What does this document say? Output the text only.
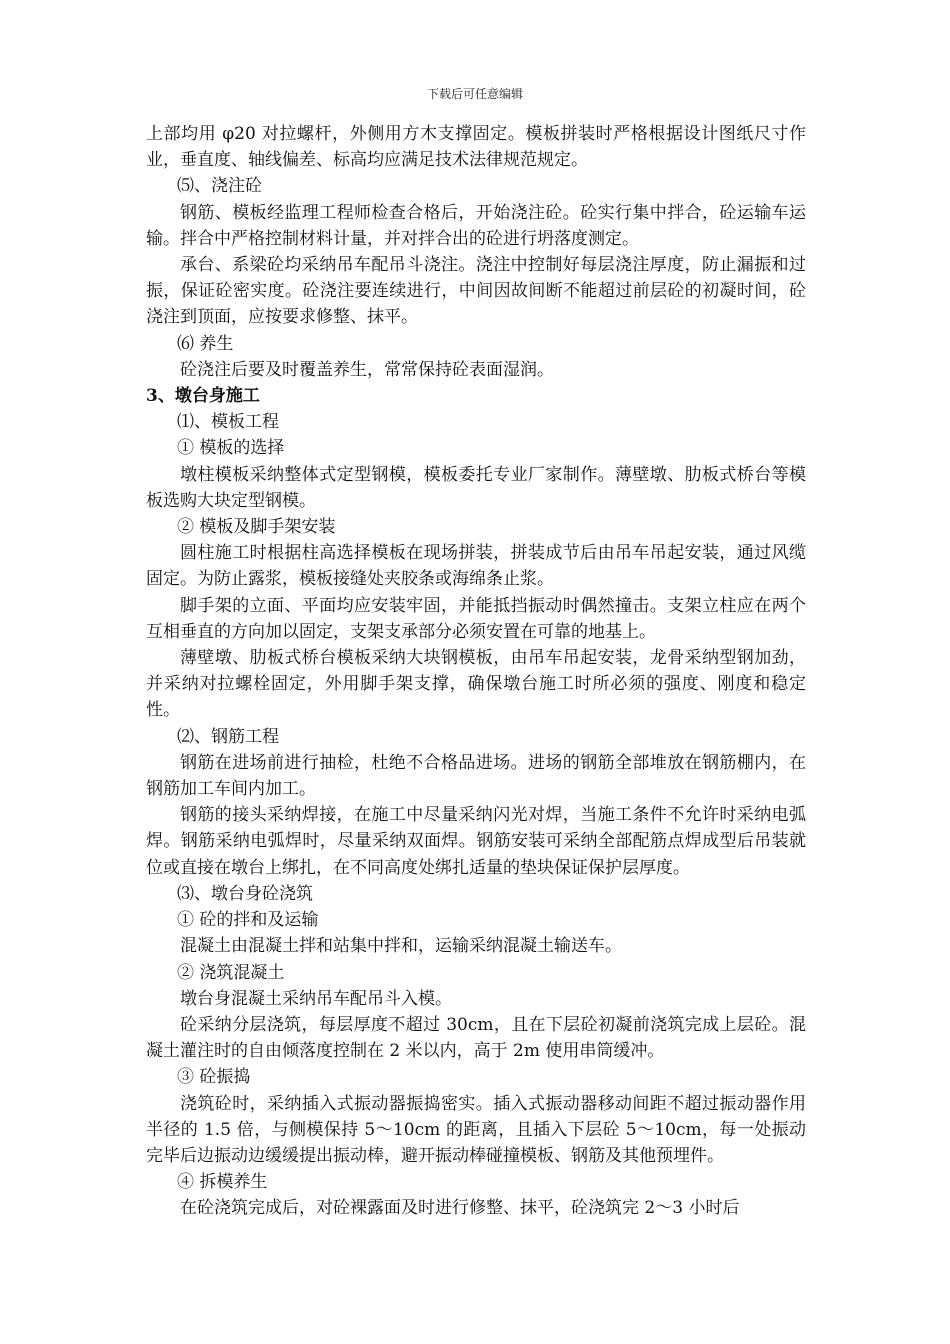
下载后可任意编辑

上部均用 φ20 对拉螺杆，外侧用方木支撑固定。模板拼装时严格根据设计图纸尺寸作业，垂直度、轴线偏差、标高均应满足技术法律规范规定。

⑸、浇注砼

钢筋、模板经监理工程师检查合格后，开始浇注砼。砼实行集中拌合，砼运输车运输。拌合中严格控制材料计量，并对拌合出的砼进行坍落度测定。

承台、系梁砼均采纳吊车配吊斗浇注。浇注中控制好每层浇注厚度，防止漏振和过振，保证砼密实度。砼浇注要连续进行，中间因故间断不能超过前层砼的初凝时间，砼浇注到顶面，应按要求修整、抹平。

⑹ 养生

砼浇注后要及时覆盖养生，常常保持砼表面湿润。

3、墩台身施工

⑴、模板工程

① 模板的选择

墩柱模板采纳整体式定型钢模，模板委托专业厂家制作。薄壁墩、肋板式桥台等模板选购大块定型钢模。

② 模板及脚手架安装

圆柱施工时根据柱高选择模板在现场拼装，拼装成节后由吊车吊起安装，通过风缆固定。为防止露浆，模板接缝处夹胶条或海绵条止浆。

脚手架的立面、平面均应安装牢固，并能抵挡振动时偶然撞击。支架立柱应在两个互相垂直的方向加以固定，支架支承部分必须安置在可靠的地基上。

薄壁墩、肋板式桥台模板采纳大块钢模板，由吊车吊起安装，龙骨采纳型钢加劲，并采纳对拉螺栓固定，外用脚手架支撑，确保墩台施工时所必须的强度、刚度和稳定性。

⑵、钢筋工程

钢筋在进场前进行抽检，杜绝不合格品进场。进场的钢筋全部堆放在钢筋棚内，在钢筋加工车间内加工。

钢筋的接头采纳焊接，在施工中尽量采纳闪光对焊，当施工条件不允许时采纳电弧焊。钢筋采纳电弧焊时，尽量采纳双面焊。钢筋安装可采纳全部配筋点焊成型后吊装就位或直接在墩台上绑扎，在不同高度处绑扎适量的垫块保证保护层厚度。

⑶、墩台身砼浇筑

① 砼的拌和及运输

混凝土由混凝土拌和站集中拌和，运输采纳混凝土输送车。

② 浇筑混凝土

墩台身混凝土采纳吊车配吊斗入模。

砼采纳分层浇筑，每层厚度不超过 30cm，且在下层砼初凝前浇筑完成上层砼。混凝土灌注时的自由倾落度控制在 2 米以内，高于 2m 使用串筒缓冲。

③ 砼振捣

浇筑砼时，采纳插入式振动器振捣密实。插入式振动器移动间距不超过振动器作用半径的 1.5 倍，与侧模保持 5～10cm 的距离，且插入下层砼 5～10cm，每一处振动完毕后边振动边缓缓提出振动棒，避开振动棒碰撞模板、钢筋及其他预埋件。

④ 拆模养生

在砼浇筑完成后，对砼裸露面及时进行修整、抹平，砼浇筑完 2～3 小时后
